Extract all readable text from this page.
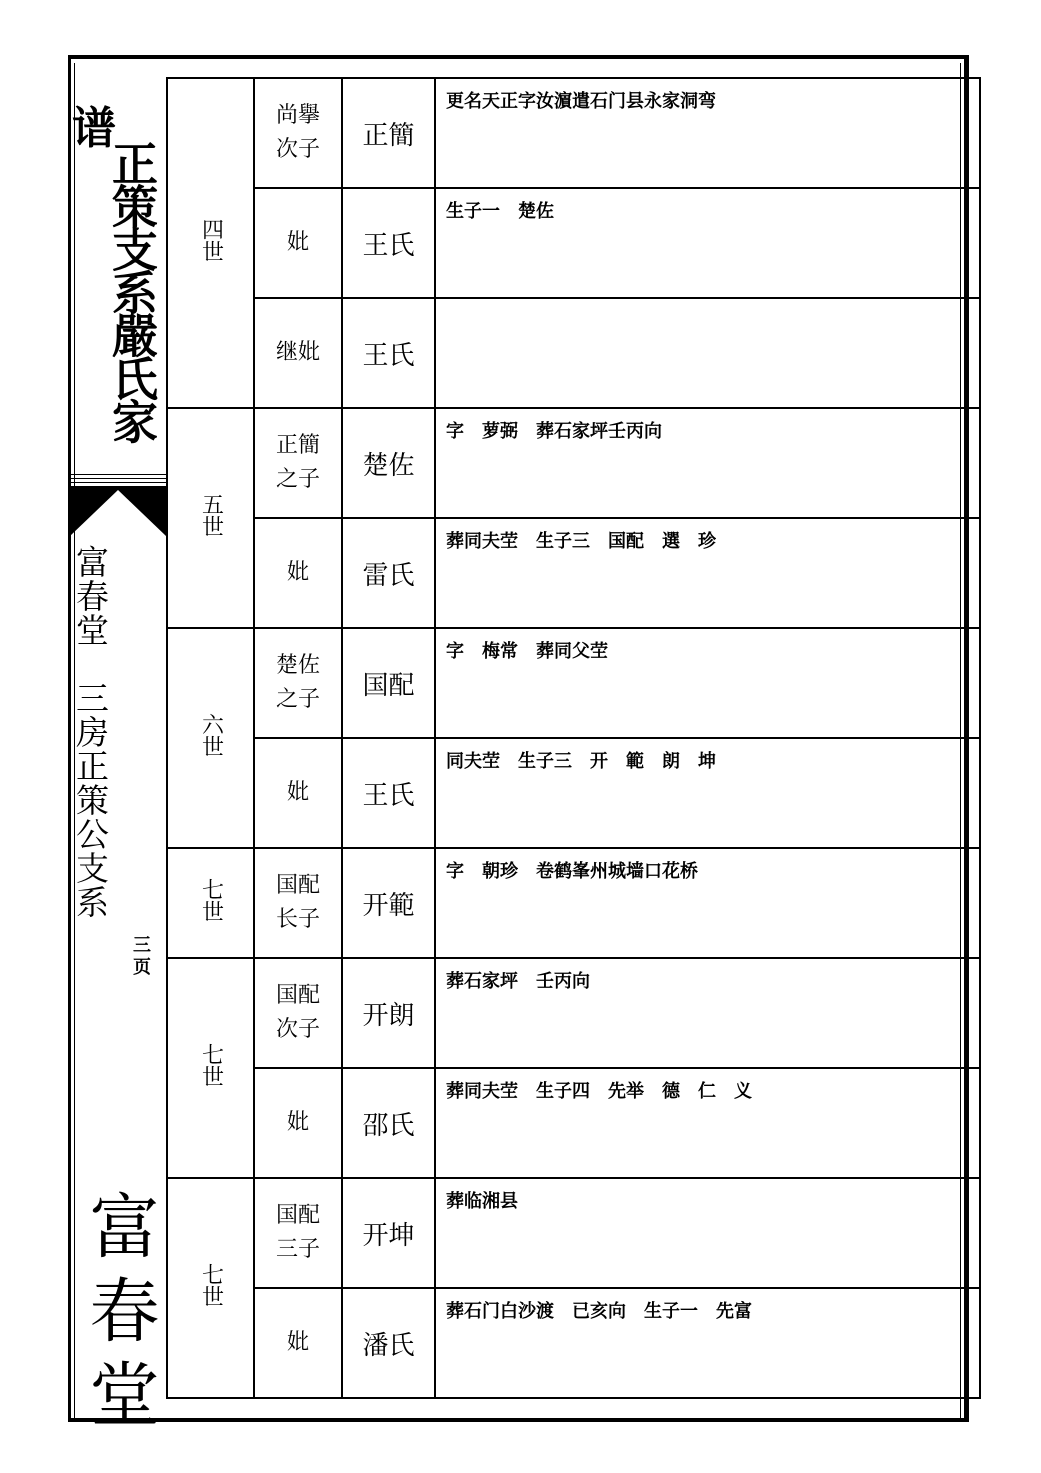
谱
正策支系嚴氏家
富春堂　三房正策公支系
三页
富春堂
四世	尚擧次子	正簡	更名天正字汝濵遣石门县永家洞弯
	妣	王氏	生子一　楚佐
	继妣	王氏	
五世	正簡之子	楚佐	字　萝弼　葬石家坪壬丙向
	妣	雷氏	葬同夫茔　生子三　国配　選　珍
六世	楚佐之子	国配	字　梅常　葬同父茔
	妣	王氏	同夫茔　生子三　开　範　朗　坤
七世	国配长子	开範	字　朝珍　卷鹤峯州城墙口花桥
七世	国配次子	开朗	葬石家坪　壬丙向
	妣	邵氏	葬同夫茔　生子四　先举　德　仁　义
七世	国配三子	开坤	葬临湘县
	妣	潘氏	葬石门白沙渡　已亥向　生子一　先富
